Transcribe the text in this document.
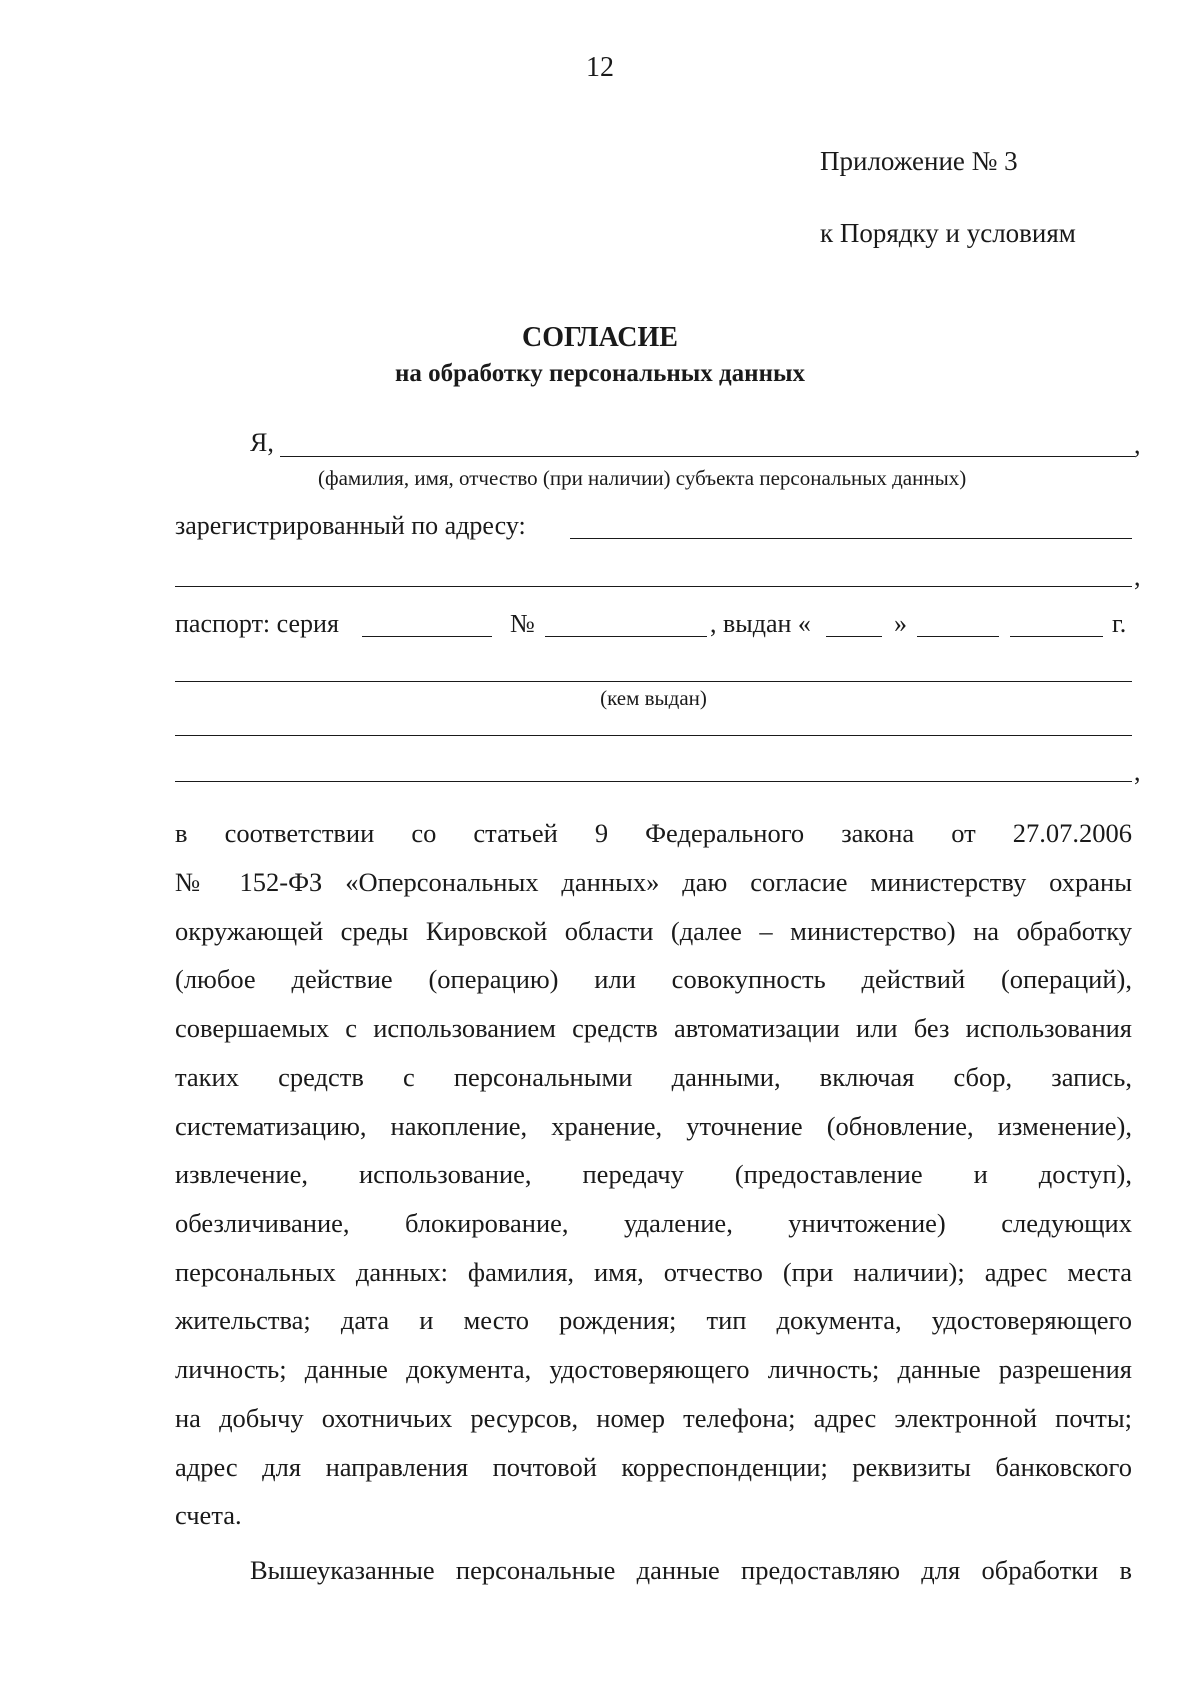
12
Приложение № 3
к Порядку и условиям
СОГЛАСИЕ
на обработку персональных данных
Я,	,
(фамилия, имя, отчество (при наличии) субъекта персональных данных)
зарегистрированный по адресу:
,
паспорт: серия	№	, выдан «	»	г.
(кем выдан)
,
в соответствии со статьей 9 Федерального закона от 27.07.2006
№ 152-ФЗ «Оперсональных данных» даю согласие министерству охраны
окружающей среды Кировской области (далее – министерство) на обработку
(любое действие (операцию) или совокупность действий (операций),
совершаемых с использованием средств автоматизации или без использования
таких средств с персональными данными, включая сбор, запись,
систематизацию, накопление, хранение, уточнение (обновление, изменение),
извлечение, использование, передачу (предоставление и доступ),
обезличивание, блокирование, удаление, уничтожение) следующих
персональных данных: фамилия, имя, отчество (при наличии); адрес места
жительства; дата и место рождения; тип документа, удостоверяющего
личность; данные документа, удостоверяющего личность; данные разрешения
на добычу охотничьих ресурсов, номер телефона; адрес электронной почты;
адрес для направления почтовой корреспонденции; реквизиты банковского
счета.
Вышеуказанные персональные данные предоставляю для обработки в
